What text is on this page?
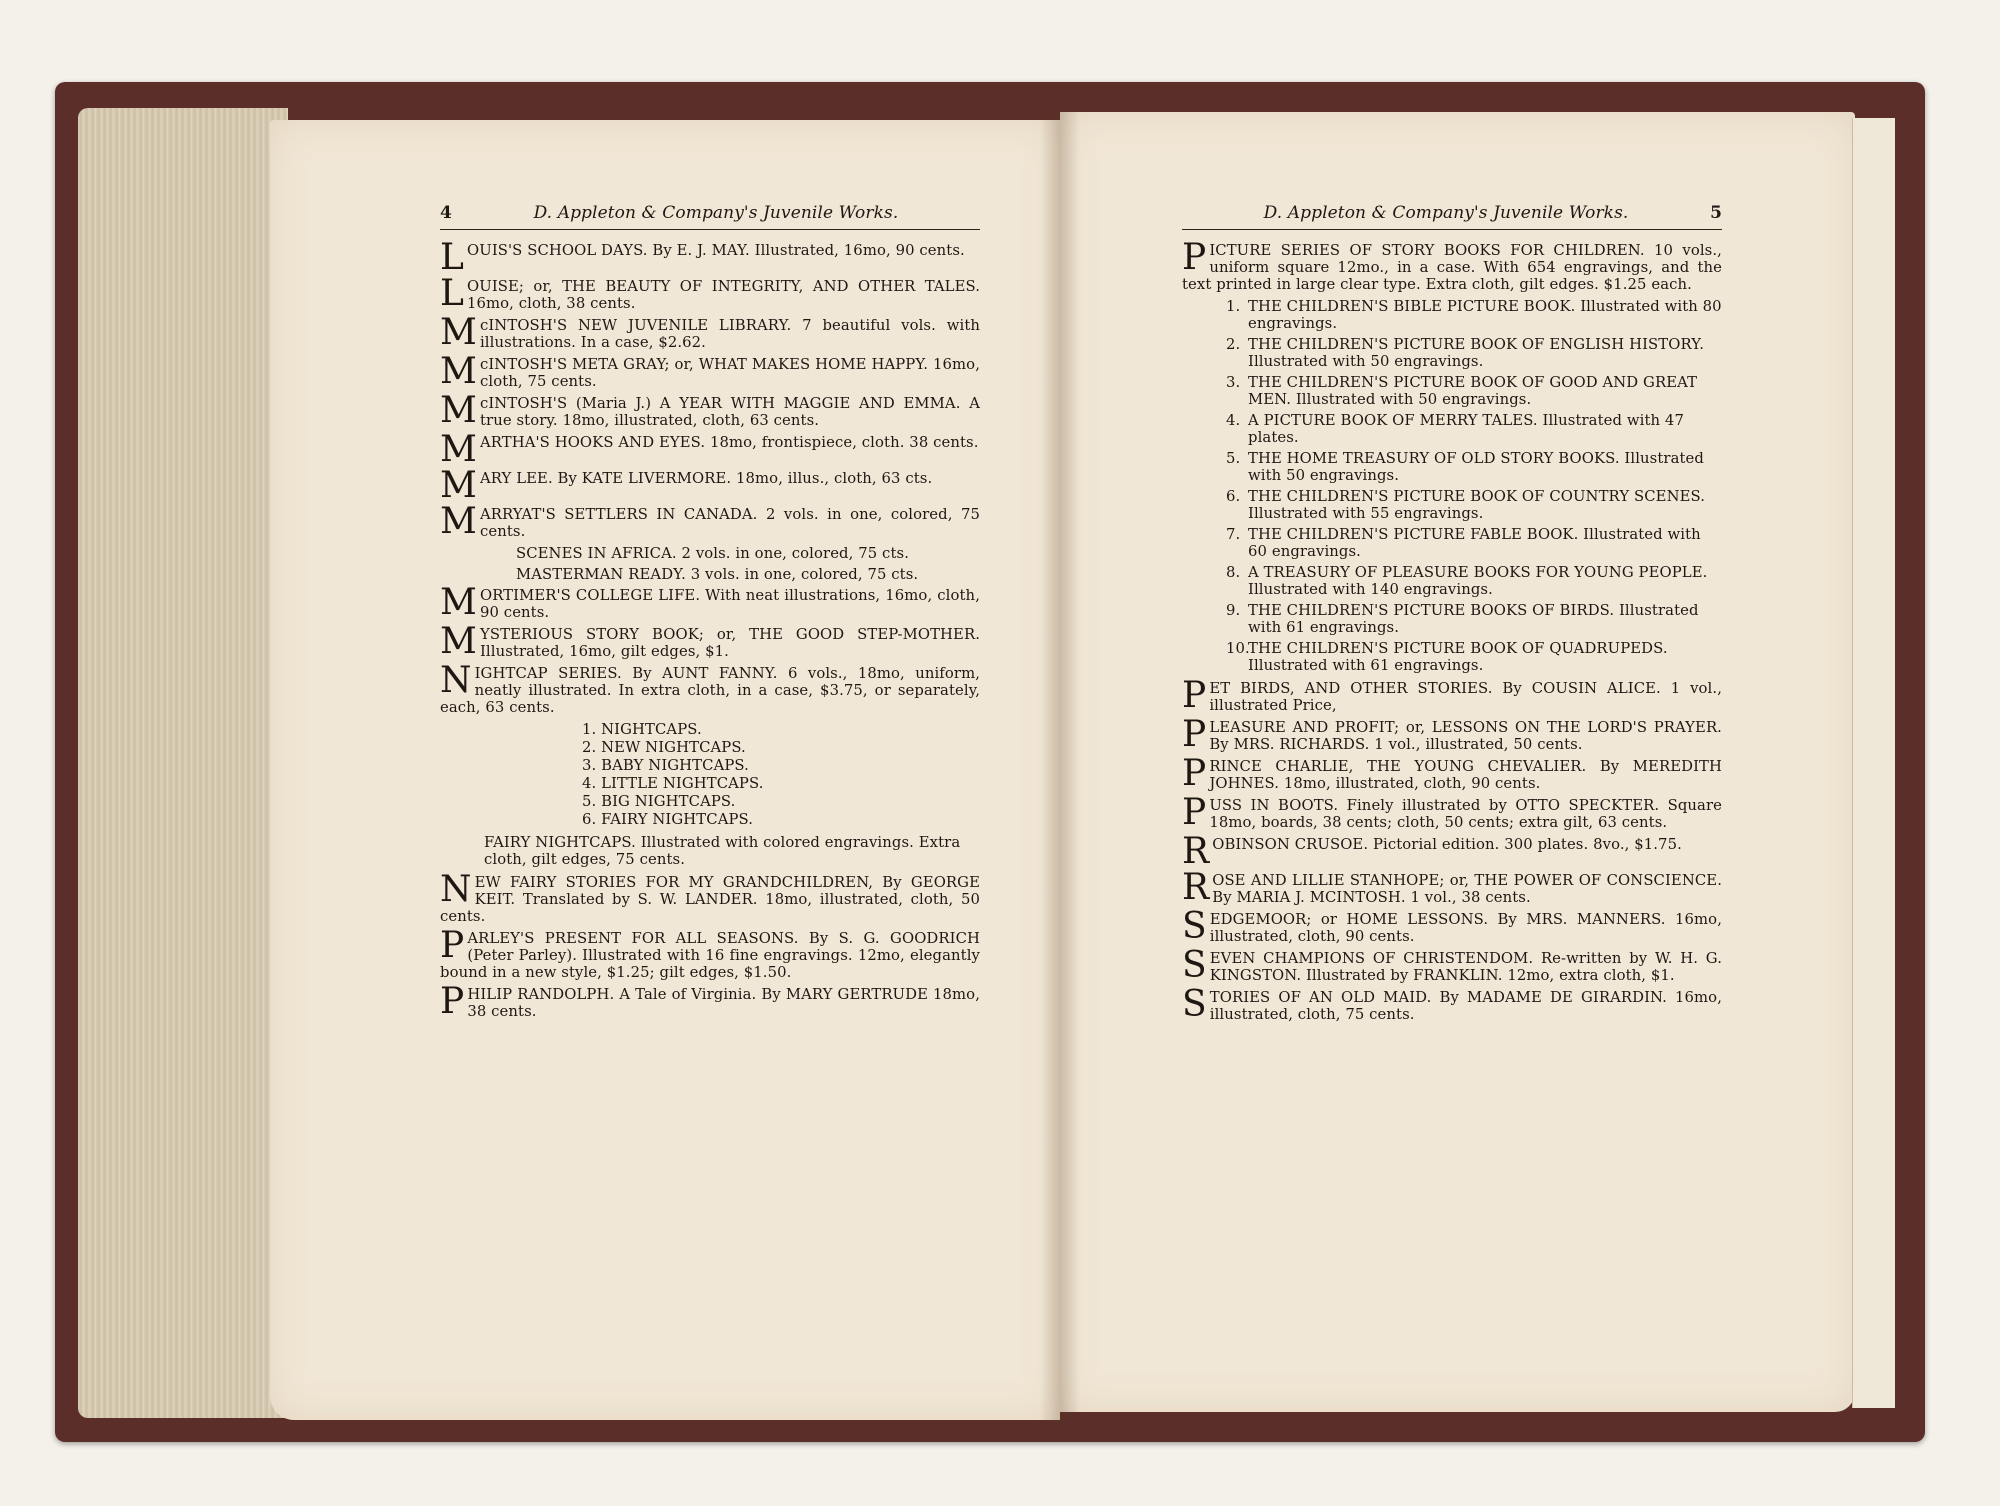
4	D. Appleton & Company's Juvenile Works.
LOUIS'S SCHOOL DAYS. By E. J. MAY. Illustrated, 16mo, 90 cents.
LOUISE; or, THE BEAUTY OF INTEGRITY, AND OTHER TALES. 16mo, cloth, 38 cents.
McINTOSH'S NEW JUVENILE LIBRARY. 7 beautiful vols. with illustrations. In a case, $2.62.
McINTOSH'S META GRAY; or, WHAT MAKES HOME HAPPY. 16mo, cloth, 75 cents.
McINTOSH'S (Maria J.) A YEAR WITH MAGGIE AND EMMA. A true story. 18mo, illustrated, cloth, 63 cents.
MARTHA'S HOOKS AND EYES. 18mo, frontispiece, cloth. 38 cents.
MARY LEE. By KATE LIVERMORE. 18mo, illus., cloth, 63 cts.
MARRYAT'S SETTLERS IN CANADA. 2 vols. in one, colored, 75 cents.
SCENES IN AFRICA. 2 vols. in one, colored, 75 cts.
MASTERMAN READY. 3 vols. in one, colored, 75 cts.
MORTIMER'S COLLEGE LIFE. With neat illustrations, 16mo, cloth, 90 cents.
MYSTERIOUS STORY BOOK; or, THE GOOD STEP-MOTHER. Illustrated, 16mo, gilt edges, $1.
NIGHTCAP SERIES. By AUNT FANNY. 6 vols., 18mo, uniform, neatly illustrated. In extra cloth, in a case, $3.75, or separately, each, 63 cents.
1. NIGHTCAPS.
2. NEW NIGHTCAPS.
3. BABY NIGHTCAPS.
4. LITTLE NIGHTCAPS.
5. BIG NIGHTCAPS.
6. FAIRY NIGHTCAPS.
FAIRY NIGHTCAPS. Illustrated with colored engravings. Extra cloth, gilt edges, 75 cents.
NEW FAIRY STORIES FOR MY GRANDCHILDREN, By GEORGE KEIT. Translated by S. W. LANDER. 18mo, illustrated, cloth, 50 cents.
PARLEY'S PRESENT FOR ALL SEASONS. By S. G. GOODRICH (Peter Parley). Illustrated with 16 fine engravings. 12mo, elegantly bound in a new style, $1.25; gilt edges, $1.50.
PHILIP RANDOLPH. A Tale of Virginia. By MARY GERTRUDE 18mo, 38 cents.
D. Appleton & Company's Juvenile Works.	5
PICTURE SERIES OF STORY BOOKS FOR CHILDREN. 10 vols., uniform square 12mo., in a case. With 654 engravings, and the text printed in large clear type. Extra cloth, gilt edges. $1.25 each.
1. THE CHILDREN'S BIBLE PICTURE BOOK. Illustrated with 80 engravings.
2. THE CHILDREN'S PICTURE BOOK OF ENGLISH HISTORY. Illustrated with 50 engravings.
3. THE CHILDREN'S PICTURE BOOK OF GOOD AND GREAT MEN. Illustrated with 50 engravings.
4. A PICTURE BOOK OF MERRY TALES. Illustrated with 47 plates.
5. THE HOME TREASURY OF OLD STORY BOOKS. Illustrated with 50 engravings.
6. THE CHILDREN'S PICTURE BOOK OF COUNTRY SCENES. Illustrated with 55 engravings.
7. THE CHILDREN'S PICTURE FABLE BOOK. Illustrated with 60 engravings.
8. A TREASURY OF PLEASURE BOOKS FOR YOUNG PEOPLE. Illustrated with 140 engravings.
9. THE CHILDREN'S PICTURE BOOKS OF BIRDS. Illustrated with 61 engravings.
10.THE CHILDREN'S PICTURE BOOK OF QUADRUPEDS. Illustrated with 61 engravings.
PET BIRDS, AND OTHER STORIES. By COUSIN ALICE. 1 vol., illustrated Price,
PLEASURE AND PROFIT; or, LESSONS ON THE LORD'S PRAYER. By MRS. RICHARDS. 1 vol., illustrated, 50 cents.
PRINCE CHARLIE, THE YOUNG CHEVALIER. By MEREDITH JOHNES. 18mo, illustrated, cloth, 90 cents.
PUSS IN BOOTS. Finely illustrated by OTTO SPECKTER. Square 18mo, boards, 38 cents; cloth, 50 cents; extra gilt, 63 cents.
ROBINSON CRUSOE. Pictorial edition. 300 plates. 8vo., $1.75.
ROSE AND LILLIE STANHOPE; or, THE POWER OF CONSCIENCE. By MARIA J. MCINTOSH. 1 vol., 38 cents.
SEDGEMOOR; or HOME LESSONS. By MRS. MANNERS. 16mo, illustrated, cloth, 90 cents.
SEVEN CHAMPIONS OF CHRISTENDOM. Re-written by W. H. G. KINGSTON. Illustrated by FRANKLIN. 12mo, extra cloth, $1.
STORIES OF AN OLD MAID. By MADAME DE GIRARDIN. 16mo, illustrated, cloth, 75 cents.
